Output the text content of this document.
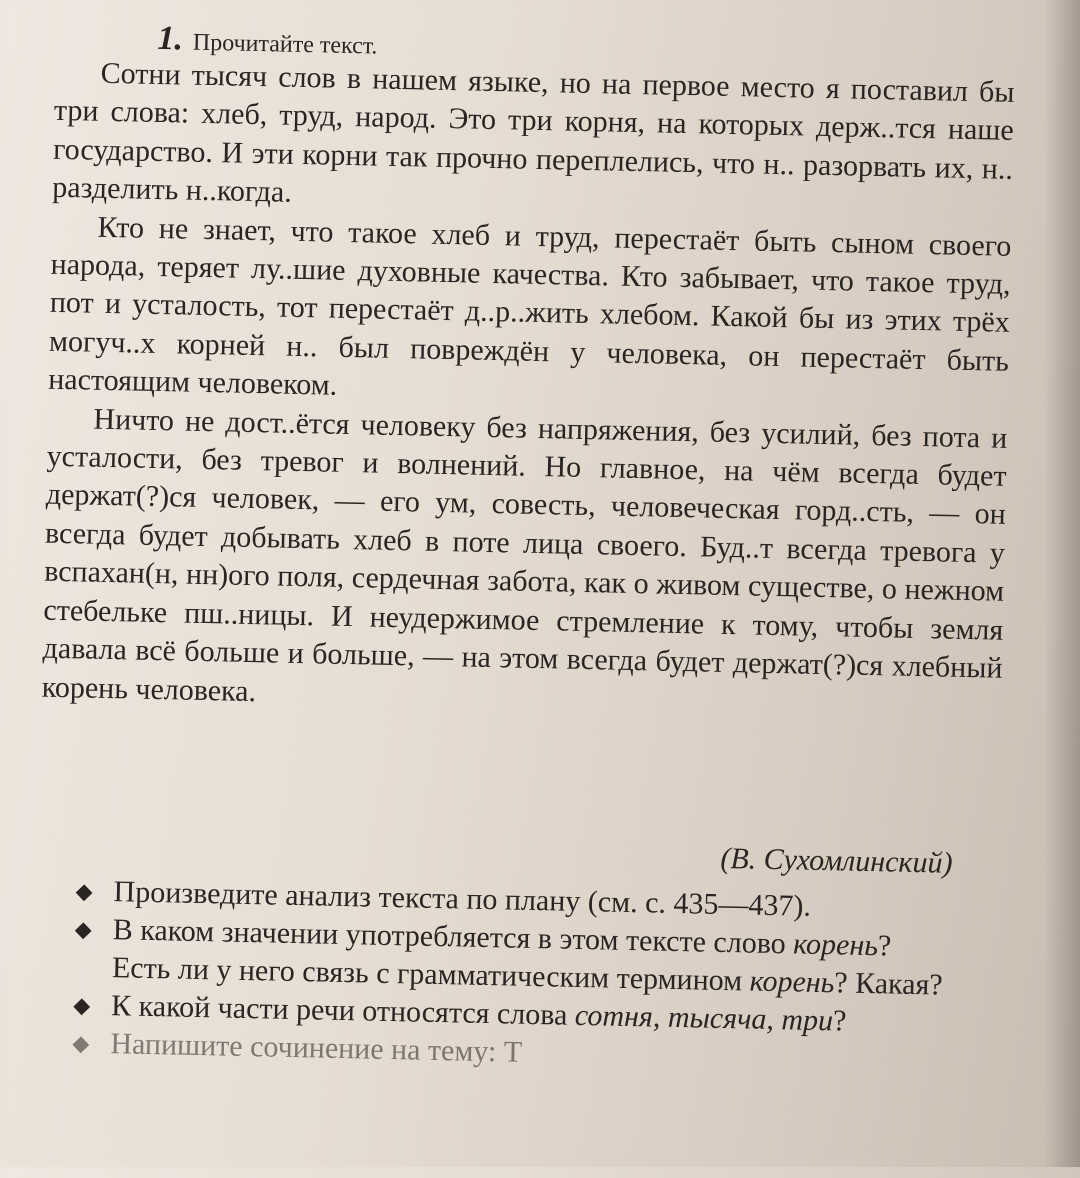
1. Прочитайте текст.

Сотни тысяч слов в нашем языке, но на первое место я поставил бы три слова: хлеб, труд, народ. Это три корня, на которых держ..тся наше государство. И эти корни так прочно переплелись, что н.. разорвать их, н.. разделить н..когда.

Кто не знает, что такое хлеб и труд, перестаёт быть сыном своего народа, теряет лу..шие духовные качества. Кто забывает, что такое труд, пот и усталость, тот перестаёт д..р..жить хлебом. Какой бы из этих трёх могуч..х корней н.. был повреждён у человека, он перестаёт быть настоящим человеком.

Ничто не дост..ётся человеку без напряжения, без усилий, без пота и усталости, без тревог и волнений. Но главное, на чём всегда будет держат(?)ся человек, — его ум, совесть, человеческая горд..сть, — он всегда будет добывать хлеб в поте лица своего. Буд..т всегда тревога у вспахан(н, нн)ого поля, сердечная забота, как о живом существе, о нежном стебельке пш..ницы. И неудержимое стремление к тому, чтобы земля давала всё больше и больше, — на этом всегда будет держат(?)ся хлебный корень человека.

(В. Сухомлинский)

◆ Произведите анализ текста по плану (см. с. 435—437).

◆ В каком значении употребляется в этом тексте слово корень?

Есть ли у него связь с грамматическим термином корень? Какая?

◆ К какой части речи относятся слова сотня, тысяча, три?

◆ Напишите сочинение на тему: Т
